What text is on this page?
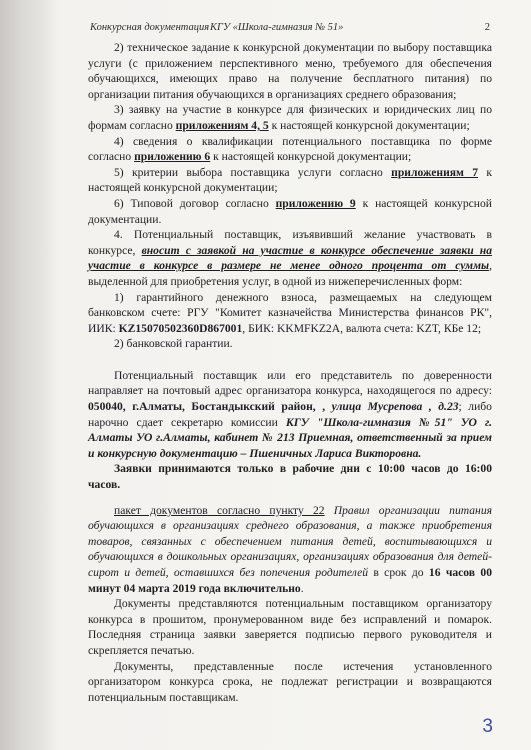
Конкурсная документация КГУ «Школа-гимназия № 51»	2

2) техническое задание к конкурсной документации по выбору поставщика услуги (с приложением перспективного меню, требуемого для обеспечения обучающихся, имеющих право на получение бесплатного питания) по организации питания обучающихся в организациях среднего образования;

3) заявку на участие в конкурсе для физических и юридических лиц по формам согласно приложениям 4, 5 к настоящей конкурсной документации;

4) сведения о квалификации потенциального поставщика по форме согласно приложению 6 к настоящей конкурсной документации;

5) критерии выбора поставщика услуги согласно приложениям 7 к настоящей конкурсной документации;

6) Типовой договор согласно приложению 9 к настоящей конкурсной документации.

4. Потенциальный поставщик, изъявивший желание участвовать в конкурсе, вносит с заявкой на участие в конкурсе обеспечение заявки на участие в конкурсе в размере не менее одного процента от суммы, выделенной для приобретения услуг, в одной из нижеперечисленных форм:

1) гарантийного денежного взноса, размещаемых на следующем банковском счете: РГУ "Комитет казначейства Министерства финансов РК", ИИК: KZ15070502360D867001, БИК: KKMFKZ2A, валюта счета: KZT, КБе 12;

2) банковской гарантии.

Потенциальный поставщик или его представитель по доверенности направляет на почтовый адрес организатора конкурса, находящегося по адресу: 050040, г.Алматы, Бостандыкский район, , улица Мусрепова , д.23; либо нарочно сдает секретарю комиссии КГУ "Школа-гимназия №51" УО г. Алматы УО г.Алматы, кабинет № 213 Приемная, ответственный за прием и конкурсную документацию – Пшеничных Лариса Викторовна.

Заявки принимаются только в рабочие дни с 10:00 часов до 16:00 часов.

пакет документов согласно пункту 22 Правил организации питания обучающихся в организациях среднего образования, а также приобретения товаров, связанных с обеспечением питания детей, воспитывающихся и обучающихся в дошкольных организациях, организациях образования для детей-сирот и детей, оставшихся без попечения родителей в срок до 16 часов 00 минут 04 марта 2019 года включительно.

Документы представляются потенциальным поставщиком организатору конкурса в прошитом, пронумерованном виде без исправлений и помарок. Последняя страница заявки заверяется подписью первого руководителя и скрепляется печатью.

Документы, представленные после истечения установленного организатором конкурса срока, не подлежат регистрации и возвращаются потенциальным поставщикам.

3
